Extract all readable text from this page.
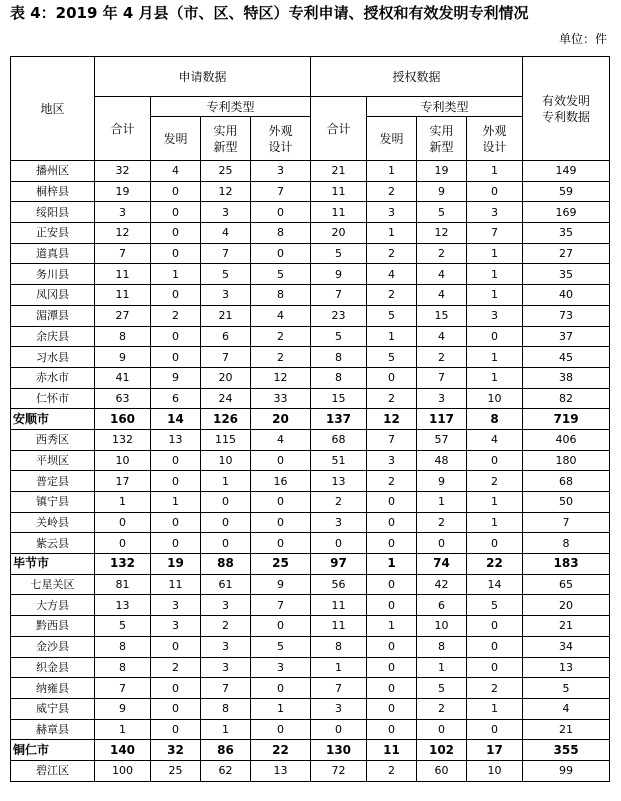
表 4：2019 年 4 月县（市、区、特区）专利申请、授权和有效发明专利情况
单位：件
地区	申请数据				授权数据				有效发明专利数据

	合计	专利类型			合计	专利类型			
		发明	实用新型	外观设计		发明	实用新型	外观设计	

播州区	32	4	25	3	21	1	19	1	149
桐梓县	19	0	12	7	11	2	9	0	59
绥阳县	3	0	3	0	11	3	5	3	169
正安县	12	0	4	8	20	1	12	7	35
道真县	7	0	7	0	5	2	2	1	27
务川县	11	1	5	5	9	4	4	1	35
凤冈县	11	0	3	8	7	2	4	1	40
湄潭县	27	2	21	4	23	5	15	3	73
余庆县	8	0	6	2	5	1	4	0	37
习水县	9	0	7	2	8	5	2	1	45
赤水市	41	9	20	12	8	0	7	1	38
仁怀市	63	6	24	33	15	2	3	10	82
安顺市	160	14	126	20	137	12	117	8	719
西秀区	132	13	115	4	68	7	57	4	406
平坝区	10	0	10	0	51	3	48	0	180
普定县	17	0	1	16	13	2	9	2	68
镇宁县	1	1	0	0	2	0	1	1	50
关岭县	0	0	0	0	3	0	2	1	7
紫云县	0	0	0	0	0	0	0	0	8
毕节市	132	19	88	25	97	1	74	22	183
七星关区	81	11	61	9	56	0	42	14	65
大方县	13	3	3	7	11	0	6	5	20
黔西县	5	3	2	0	11	1	10	0	21
金沙县	8	0	3	5	8	0	8	0	34
织金县	8	2	3	3	1	0	1	0	13
纳雍县	7	0	7	0	7	0	5	2	5
威宁县	9	0	8	1	3	0	2	1	4
赫章县	1	0	1	0	0	0	0	0	21
铜仁市	140	32	86	22	130	11	102	17	355
碧江区	100	25	62	13	72	2	60	10	99
